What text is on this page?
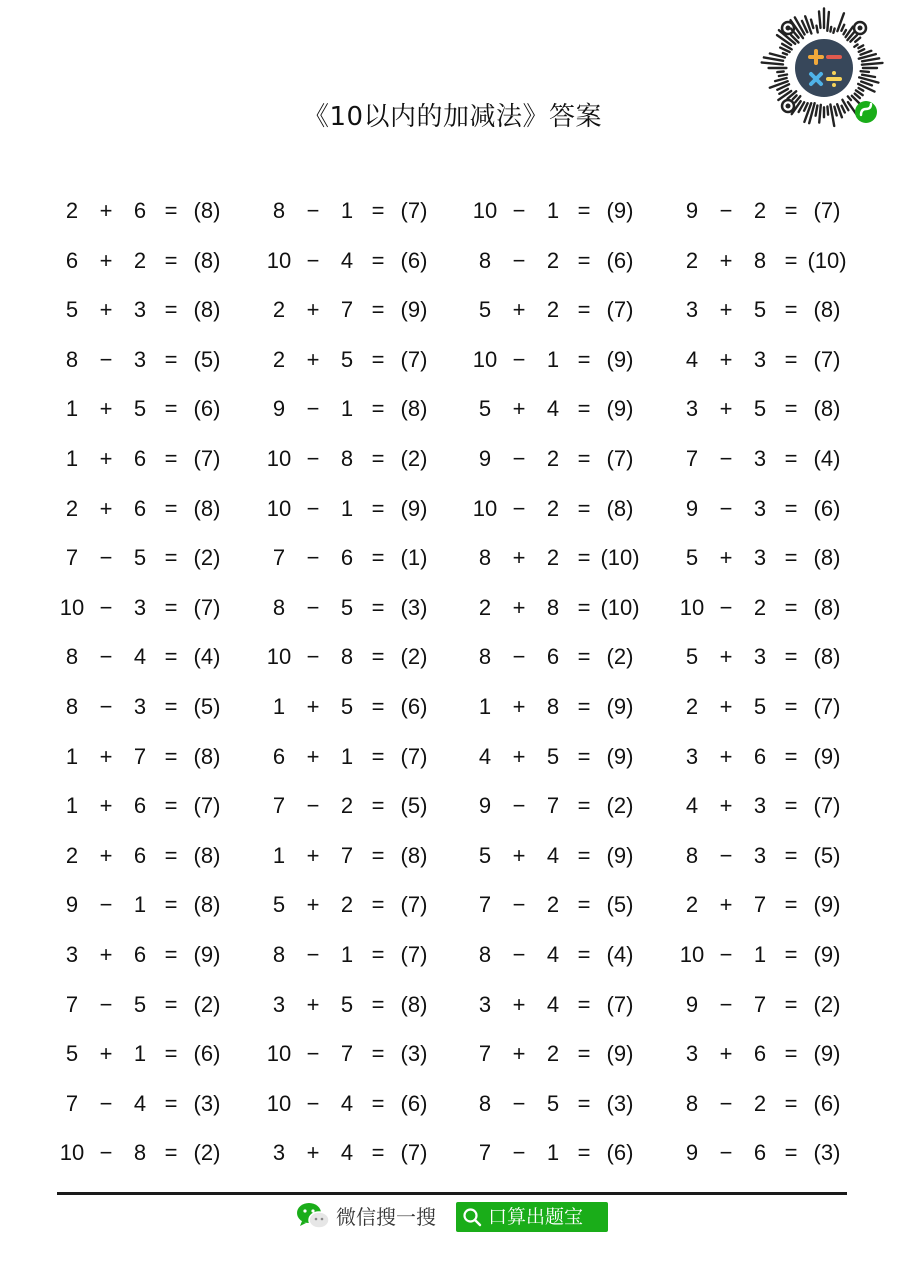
《10以内的加减法》答案
2 + 6 = (8)	8 − 1 = (7)	10 − 1 = (9)	9 − 2 = (7)
6 + 2 = (8)	10 − 4 = (6)	8 − 2 = (6)	2 + 8 = (10)
5 + 3 = (8)	2 + 7 = (9)	5 + 2 = (7)	3 + 5 = (8)
8 − 3 = (5)	2 + 5 = (7)	10 − 1 = (9)	4 + 3 = (7)
1 + 5 = (6)	9 − 1 = (8)	5 + 4 = (9)	3 + 5 = (8)
1 + 6 = (7)	10 − 8 = (2)	9 − 2 = (7)	7 − 3 = (4)
2 + 6 = (8)	10 − 1 = (9)	10 − 2 = (8)	9 − 3 = (6)
7 − 5 = (2)	7 − 6 = (1)	8 + 2 = (10)	5 + 3 = (8)
10 − 3 = (7)	8 − 5 = (3)	2 + 8 = (10)	10 − 2 = (8)
8 − 4 = (4)	10 − 8 = (2)	8 − 6 = (2)	5 + 3 = (8)
8 − 3 = (5)	1 + 5 = (6)	1 + 8 = (9)	2 + 5 = (7)
1 + 7 = (8)	6 + 1 = (7)	4 + 5 = (9)	3 + 6 = (9)
1 + 6 = (7)	7 − 2 = (5)	9 − 7 = (2)	4 + 3 = (7)
2 + 6 = (8)	1 + 7 = (8)	5 + 4 = (9)	8 − 3 = (5)
9 − 1 = (8)	5 + 2 = (7)	7 − 2 = (5)	2 + 7 = (9)
3 + 6 = (9)	8 − 1 = (7)	8 − 4 = (4)	10 − 1 = (9)
7 − 5 = (2)	3 + 5 = (8)	3 + 4 = (7)	9 − 7 = (2)
5 + 1 = (6)	10 − 7 = (3)	7 + 2 = (9)	3 + 6 = (9)
7 − 4 = (3)	10 − 4 = (6)	8 − 5 = (3)	8 − 2 = (6)
10 − 8 = (2)	3 + 4 = (7)	7 − 1 = (6)	9 − 6 = (3)
微信搜一搜	口算出题宝
